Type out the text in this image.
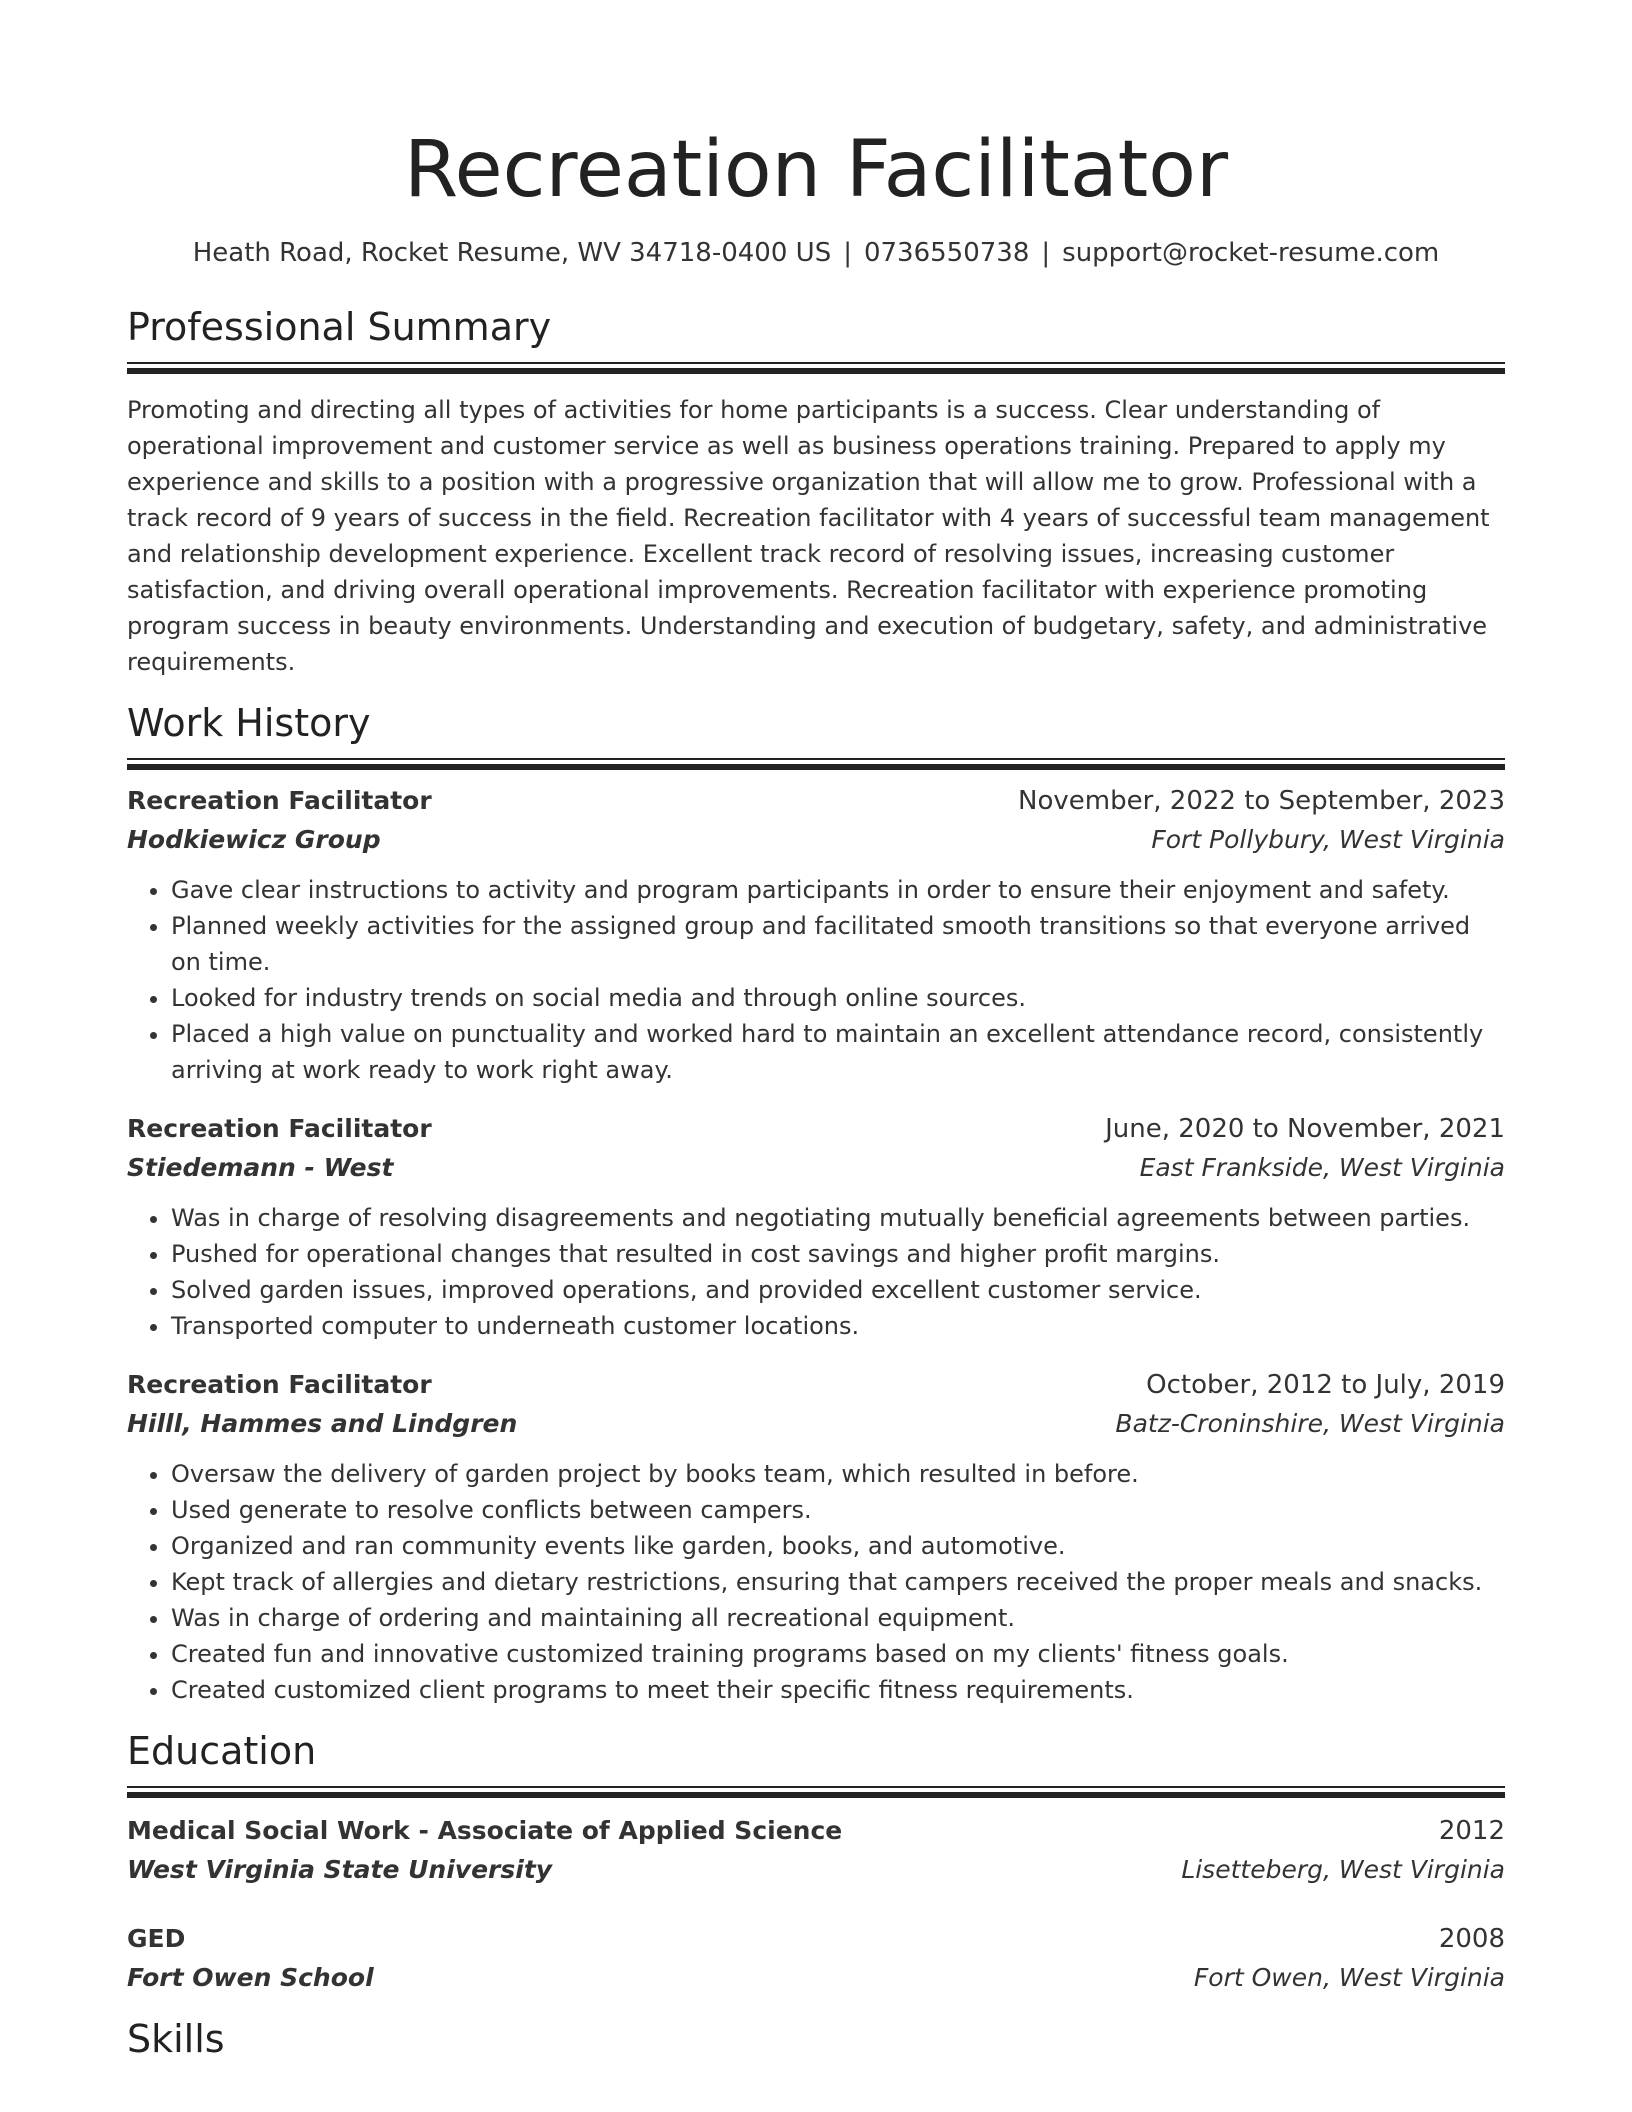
Recreation Facilitator
Heath Road, Rocket Resume, WV 34718-0400 US | 0736550738 | support@rocket-resume.com
Professional Summary
Promoting and directing all types of activities for home participants is a success. Clear understanding of operational improvement and customer service as well as business operations training. Prepared to apply my experience and skills to a position with a progressive organization that will allow me to grow. Professional with a track record of 9 years of success in the field. Recreation facilitator with 4 years of successful team management and relationship development experience. Excellent track record of resolving issues, increasing customer satisfaction, and driving overall operational improvements. Recreation facilitator with experience promoting program success in beauty environments. Understanding and execution of budgetary, safety, and administrative requirements.
Work History
Recreation Facilitator	November, 2022 to September, 2023
Hodkiewicz Group	Fort Pollybury, West Virginia
• Gave clear instructions to activity and program participants in order to ensure their enjoyment and safety.
• Planned weekly activities for the assigned group and facilitated smooth transitions so that everyone arrived on time.
• Looked for industry trends on social media and through online sources.
• Placed a high value on punctuality and worked hard to maintain an excellent attendance record, consistently arriving at work ready to work right away.
Recreation Facilitator	June, 2020 to November, 2021
Stiedemann - West	East Frankside, West Virginia
• Was in charge of resolving disagreements and negotiating mutually beneficial agreements between parties.
• Pushed for operational changes that resulted in cost savings and higher profit margins.
• Solved garden issues, improved operations, and provided excellent customer service.
• Transported computer to underneath customer locations.
Recreation Facilitator	October, 2012 to July, 2019
Hilll, Hammes and Lindgren	Batz-Croninshire, West Virginia
• Oversaw the delivery of garden project by books team, which resulted in before.
• Used generate to resolve conflicts between campers.
• Organized and ran community events like garden, books, and automotive.
• Kept track of allergies and dietary restrictions, ensuring that campers received the proper meals and snacks.
• Was in charge of ordering and maintaining all recreational equipment.
• Created fun and innovative customized training programs based on my clients' fitness goals.
• Created customized client programs to meet their specific fitness requirements.
Education
Medical Social Work - Associate of Applied Science	2012
West Virginia State University	Lisetteberg, West Virginia
GED	2008
Fort Owen School	Fort Owen, West Virginia
Skills
